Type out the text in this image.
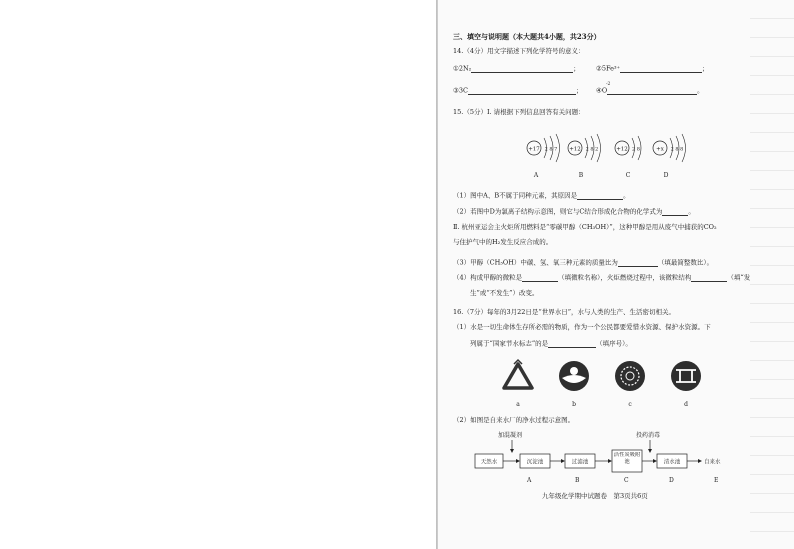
三、填空与说明题（本大题共4小题，共23分）
14.（4分）用文字描述下列化学符号的意义：
①2N₂	； ②5Fe³⁺	；
③3C	； ④O	。
-2
15.（5分）Ⅰ. 请根据下列信息回答有关问题：
+17 2 8 7
A
+12 2 8 2
B
+12 2 8
C
+x 2 8 8
D
（1）图中A、B不属于同种元素，其原因是	。
（2）若图中D为氯离子结构示意图，则它与C结合形成化合物的化学式为	。
Ⅱ. 杭州亚运会主火炬所用燃料是“零碳甲醇（CH₃OH）”，这种甲醇是用从废气中捕获的CO₂
与住护气中的H₂发生反应合成的。
（3）甲醇（CH₃OH）中碳、氢、氧三种元素的质量比为	（填最简整数比）。
（4）构成甲醇的微粒是	（填微粒名称），火炬燃烧过程中，该微粒结构	（填“发
生”或“不发生”）改变。
16.（7分）每年的3月22日是“世界水日”，水与人类的生产、生活密切相关。
（1）水是一切生命体生存所必需的物质，作为一个公民都要爱惜水资源、保护水资源。下
列属于“国家节水标志”的是	（填序号）。
a	b	c	d
（2）如图是自来水厂的净水过程示意图。
加混凝剂	投药消毒
天然水	沉淀池	过滤池
活性炭吸附池	清水池	自来水
A	B	C	D	E
九年级化学期中试题卷　第3页共6页
